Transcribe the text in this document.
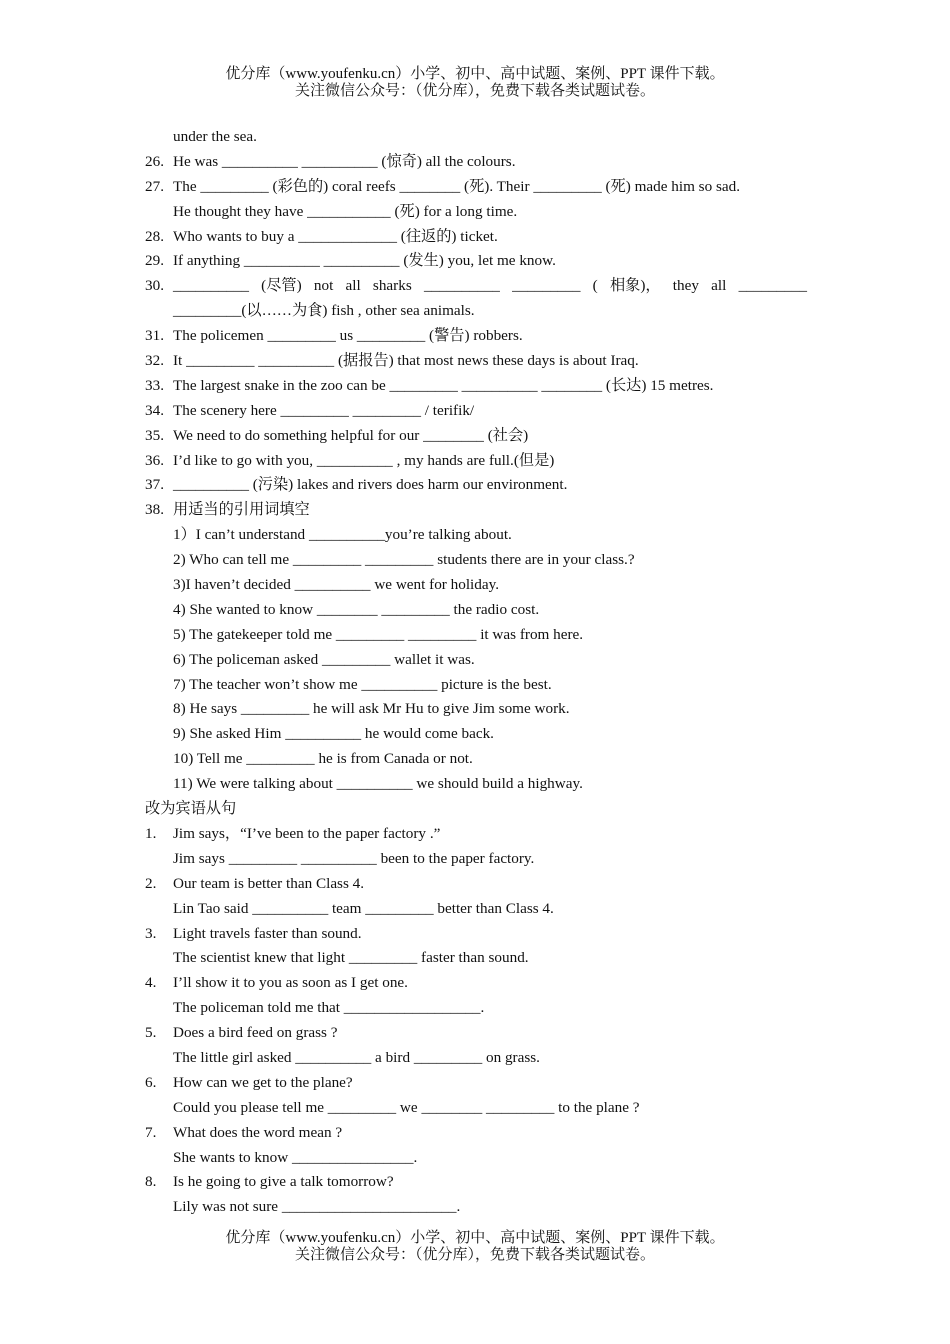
优分库（www.youfenku.cn）小学、初中、高中试题、案例、PPT 课件下载。
关注微信公众号：（优分库），免费下载各类试题试卷。
under the sea.
26. He was __________ __________ (惊奇) all the colours.
27. The _________ (彩色的) coral reefs ________ (死). Their _________ (死) made him so sad.
He thought they have ___________ (死) for a long time.
28. Who wants to buy a _____________ (往返的) ticket.
29. If anything __________ __________ (发生) you, let me know.
30. __________ (尽管) not all sharks __________ _________ ( 相象)， they all _________
_________(以……为食) fish , other sea animals.
31. The policemen _________ us _________ (警告) robbers.
32. It _________ __________ (据报告) that most news these days is about Iraq.
33. The largest snake in the zoo can be _________ __________ ________ (长达) 15 metres.
34. The scenery here _________ _________ / terifik/
35. We need to do something helpful for our ________ (社会)
36. I’d like to go with you, __________ , my hands are full.(但是)
37. __________ (污染) lakes and rivers does harm our environment.
38. 用适当的引用词填空
1）I can’t understand __________you’re talking about.
2) Who can tell me _________ _________ students there are in your class.?
3)I haven’t decided __________ we went for holiday.
4) She wanted to know ________ _________ the radio cost.
5) The gatekeeper told me _________ _________ it was from here.
6) The policeman asked _________ wallet it was.
7) The teacher won’t show me __________ picture is the best.
8) He says _________ he will ask Mr Hu to give Jim some work.
9) She asked Him __________ he would come back.
10) Tell me _________ he is from Canada or not.
11) We were talking about __________ we should build a highway.
改为宾语从句
1. Jim says，“I’ve been to the paper factory .”
Jim says _________ __________ been to the paper factory.
2. Our team is better than Class 4.
Lin Tao said __________ team _________ better than Class 4.
3. Light travels faster than sound.
The scientist knew that light _________ faster than sound.
4. I’ll show it to you as soon as I get one.
The policeman told me that __________________.
5. Does a bird feed on grass ?
The little girl asked __________ a bird _________ on grass.
6. How can we get to the plane?
Could you please tell me _________ we ________ _________ to the plane ?
7. What does the word mean ?
She wants to know ________________.
8. Is he going to give a talk tomorrow?
Lily was not sure _______________________.
优分库（www.youfenku.cn）小学、初中、高中试题、案例、PPT 课件下载。
关注微信公众号：（优分库），免费下载各类试题试卷。
